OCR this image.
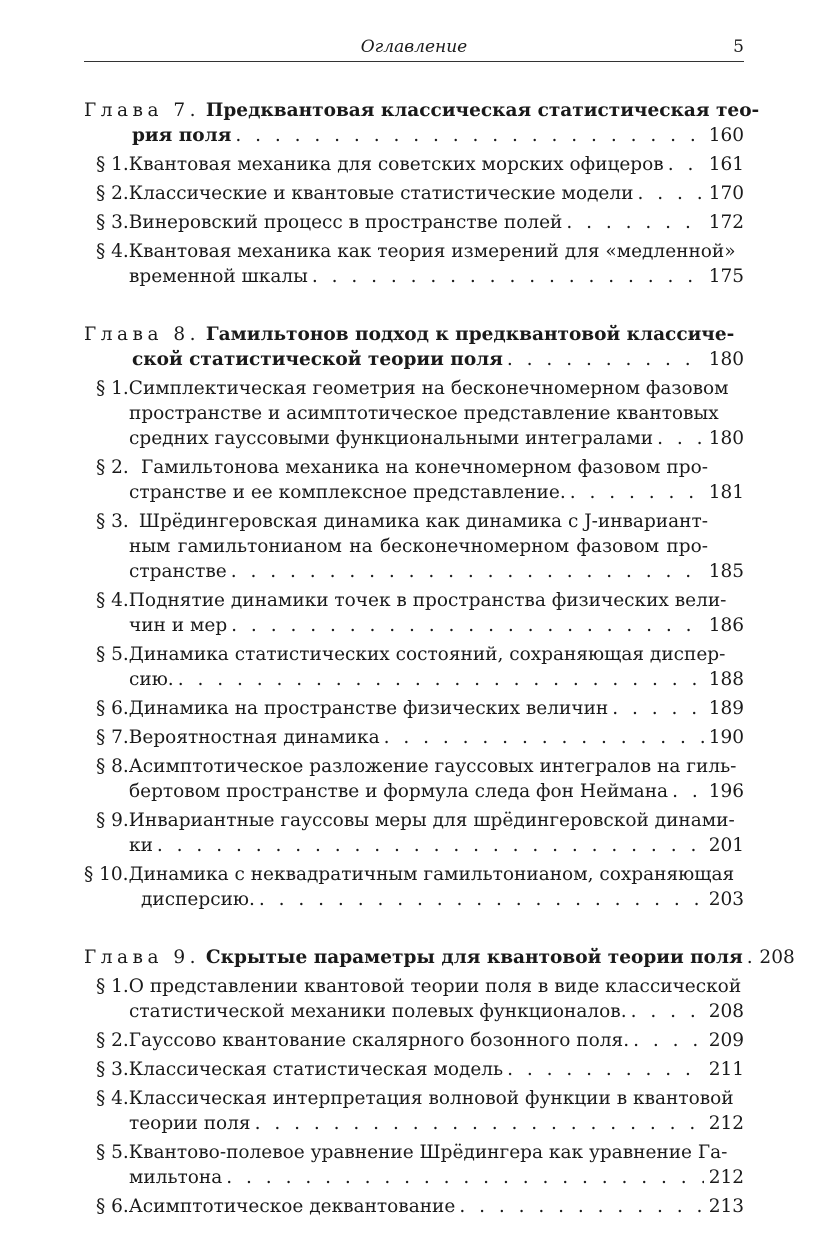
Оглавление	5
Глава 7.
Предквантовая классическая статистическая тео-
рия поля . . .	160
§ 1. Квантовая механика для советских морских офицеров . . . 161
§ 2. Классические и квантовые статистические модели . . .	170
§ 3. Винеровский процесс в пространстве полей . . .	172
§ 4. Квантовая механика как теория измерений для «медленной»
временной шкалы . . .	175
Глава 8.
Гамильтонов подход к предквантовой классиче-
ской статистической теории поля . . .	180
§ 1. Симплектическая геометрия на бесконечномерном фазовом
пространстве и асимптотическое представление квантовых
средних гауссовыми функциональными интегралами . . .	180
§ 2. Гамильтонова механика на конечномерном фазовом про-
странстве и ее комплексное представление. . . .	181
§ 3. Шрёдингеровская динамика как динамика с J-инвариант-
ным гамильтонианом на бесконечномерном фазовом про-
странстве . . .	185
§ 4. Поднятие динамики точек в пространства физических вели-
чин и мер . . .	186
§ 5. Динамика статистических состояний, сохраняющая диспер-
сию. . . .	188
§ 6. Динамика на пространстве физических величин . . .	189
§ 7. Вероятностная динамика . . .	190
§ 8. Асимптотическое разложение гауссовых интегралов на гиль-
бертовом пространстве и формула следа фон Неймана . . . 196
§ 9. Инвариантные гауссовы меры для шрёдингеровской динами-
ки . . .	201
§ 10. Динамика с неквадратичным гамильтонианом, сохраняющая
дисперсию. . . .	203
Глава 9.
Скрытые параметры для квантовой теории поля . . . 208
§ 1. О представлении квантовой теории поля в виде классической
статистической механики полевых функционалов. . . .	208
§ 2. Гауссово квантование скалярного бозонного поля. . . .	209
§ 3. Классическая статистическая модель . . .	211
§ 4. Классическая интерпретация волновой функции в квантовой
теории поля . . .	212
§ 5. Квантово-полевое уравнение Шрёдингера как уравнение Га-
мильтона . . .	212
§ 6. Асимптотическое деквантование . . .	213
